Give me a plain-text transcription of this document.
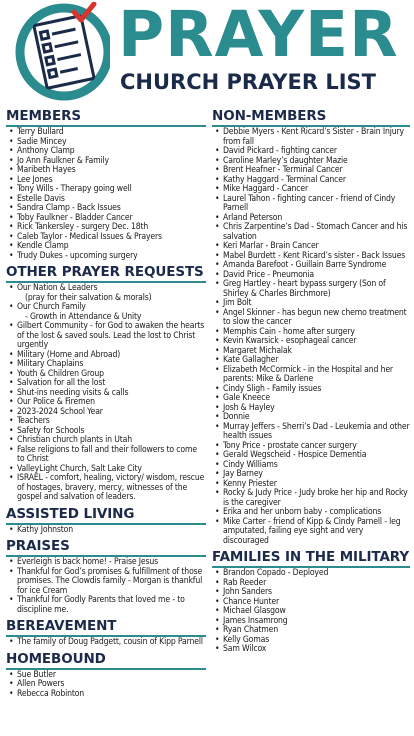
PRAYER
CHURCH PRAYER LIST
MEMBERS
• Terry Bullard
• Sadie Mincey
• Anthony Clamp
• Jo Ann Faulkner & Family
• Maribeth Hayes
• Lee Jones
• Tony Wills - Therapy going well
• Estelle Davis
• Sandra Clamp - Back Issues
• Toby Faulkner - Bladder Cancer
• Rick Tankersley - surgery Dec. 18th
• Caleb Taylor - Medical Issues & Prayers
• Kendle Clamp
• Trudy Dukes - upcoming surgery
OTHER PRAYER REQUESTS
• Our Nation & Leaders
(pray for their salvation & morals)
• Our Church Family
- Growth in Attendance & Unity
• Gilbert Community - for God to awaken the hearts of the lost & saved souls. Lead the lost to Christ urgently
• Military (Home and Abroad)
• Military Chaplains
• Youth & Children Group
• Salvation for all the lost
• Shut-ins needing visits & calls
• Our Police & Firemen
• 2023-2024 School Year
• Teachers
• Safety for Schools
• Christian church plants in Utah
• False religions to fall and their followers to come to Christ
• ValleyLight Church, Salt Lake City
• ISRAEL - comfort, healing, victory/ wisdom, rescue of hostages, bravery, mercy, witnesses of the gospel and salvation of leaders.
ASSISTED LIVING
• Kathy Johnston
PRAISES
• Everleigh is back home! - Praise Jesus
• Thankful for God’s promises & fulfillment of those promises. The Clowdis family - Morgan is thankful for ice Cream
• Thankful for Godly Parents that loved me - to discipline me.
BEREAVEMENT
• The family of Doug Padgett, cousin of Kipp Parnell
HOMEBOUND
• Sue Butler
• Allen Powers
• Rebecca Robinton
NON-MEMBERS
• Debbie Myers - Kent Ricard’s Sister - Brain Injury from fall
• David Pickard - fighting cancer
• Caroline Marley’s daughter Mazie
• Brent Heafner - Terminal Cancer
• Kathy Haggard - Terminal Cancer
• Mike Haggard - Cancer
• Laurel Tahon - fighting cancer - friend of Cindy Parnell
• Arland Peterson
• Chris Zarpentine’s Dad - Stomach Cancer and his salvation
• Keri Marlar - Brain Cancer
• Mabel Burdett - Kent Ricard’s sister - Back Issues
• Amanda Barefoot - Guillain Barre Syndrome
• David Price - Pneumonia
• Greg Hartley - heart bypass surgery (Son of Shirley & Charles Birchmore)
• Jim Bolt
• Angel Skinner - has begun new chemo treatment to slow the cancer
• Memphis Cain - home after surgery
• Kevin Kwarsick - esophageal cancer
• Margaret Michalak
• Kate Gallagher
• Elizabeth McCormick - in the Hospital and her parents: Mike & Darlene
• Cindy Sligh - Family issues
• Gale Kneece
• Josh & Hayley
• Donnie
• Murray Jeffers - Sherri’s Dad - Leukemia and other health issues
• Tony Price - prostate cancer surgery
• Gerald Wegscheid - Hospice Dementia
• Cindy Williams
• Jay Barney
• Kenny Priester
• Rocky & Judy Price - Judy broke her hip and Rocky is the caregiver
• Erika and her unborn baby - complications
• Mike Carter - friend of Kipp & Cindy Parnell - leg amputated, failing eye sight and very discouraged
FAMILIES IN THE MILITARY
• Brandon Copado - Deployed
• Rab Reeder
• John Sanders
• Chance Hunter
• Michael Glasgow
• James Insamrong
• Ryan Chatmen
• Kelly Gomas
• Sam Wilcox
